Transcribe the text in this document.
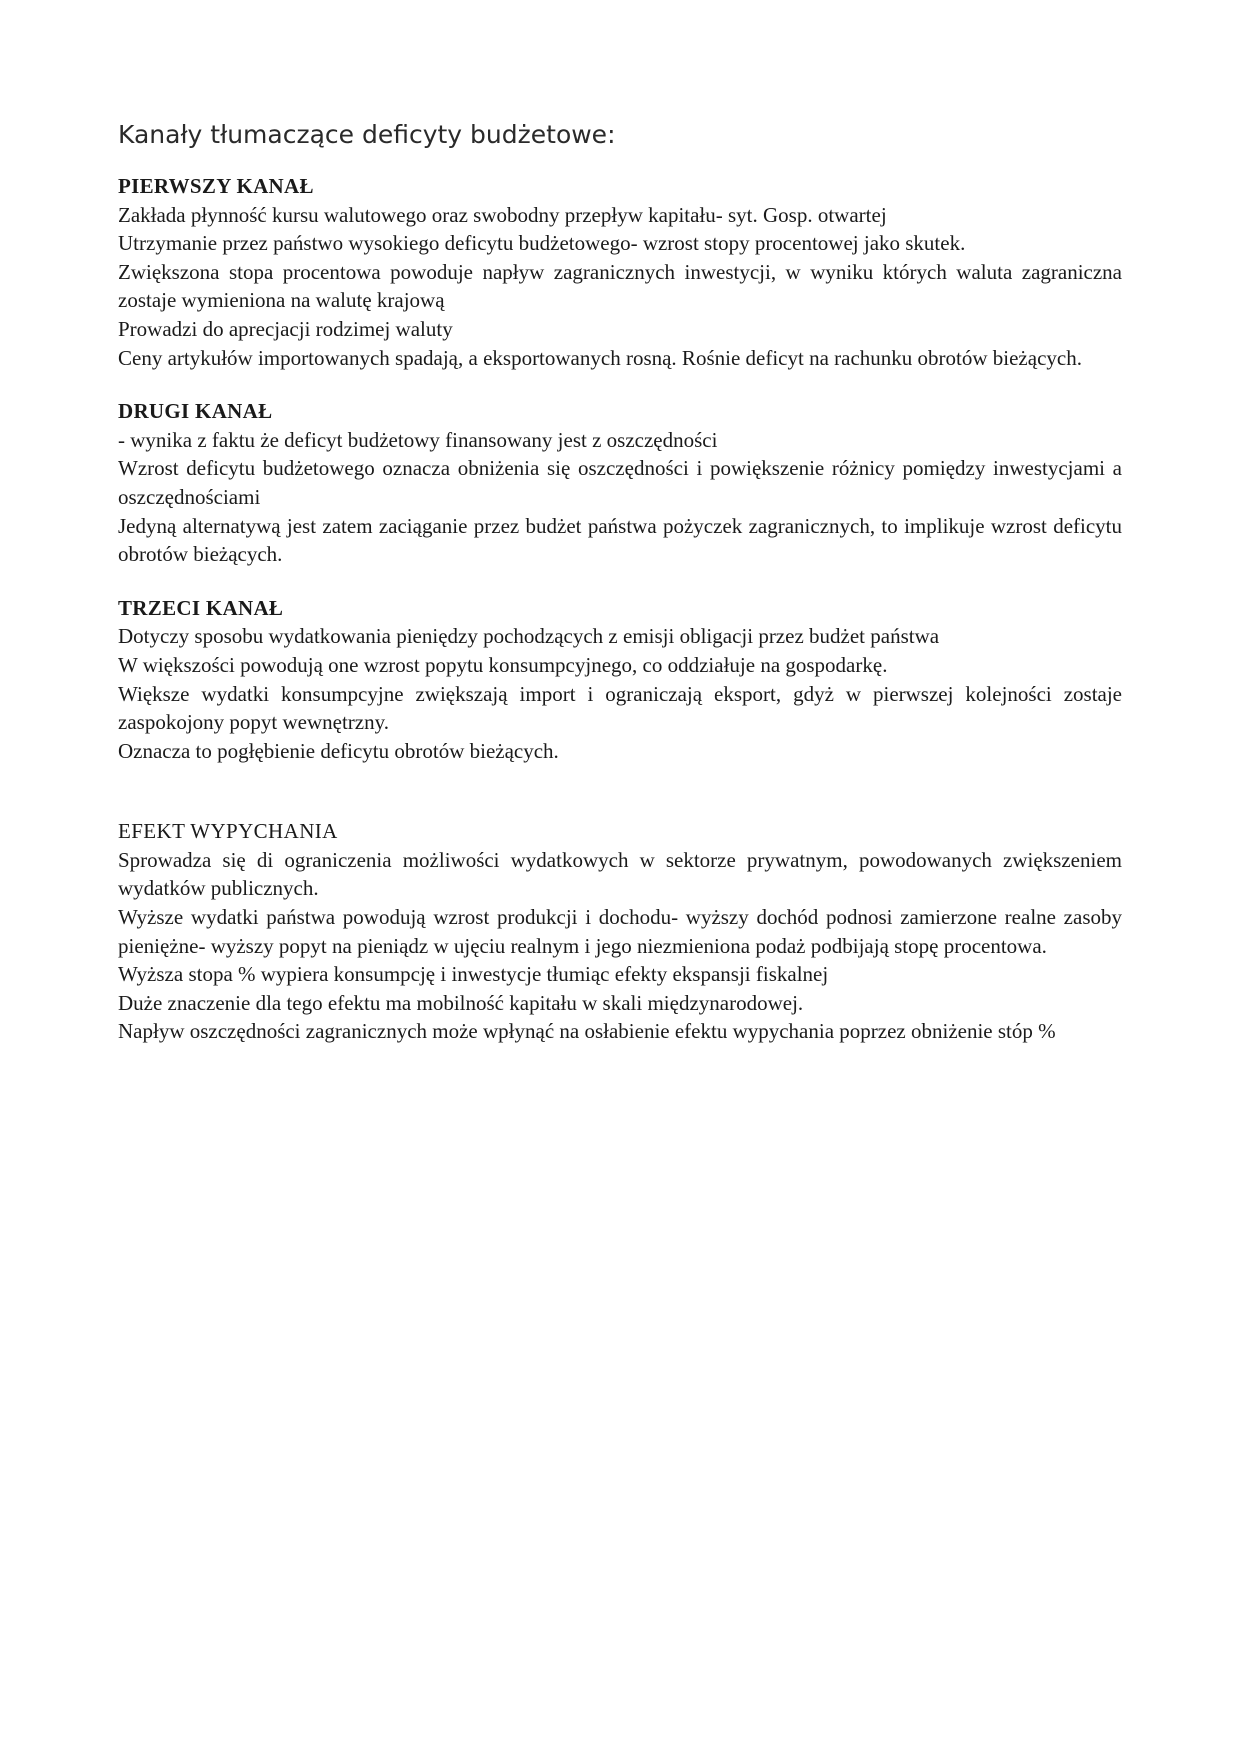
Kanały tłumaczące deficyty budżetowe:
PIERWSZY KANAŁ

Zakłada płynność kursu walutowego oraz swobodny przepływ kapitału- syt. Gosp. otwartej

Utrzymanie przez państwo wysokiego deficytu budżetowego- wzrost stopy procentowej jako skutek.

Zwiększona stopa procentowa powoduje napływ zagranicznych inwestycji, w wyniku których waluta zagraniczna zostaje wymieniona na walutę krajową

Prowadzi do aprecjacji rodzimej waluty

Ceny artykułów importowanych spadają, a eksportowanych rosną. Rośnie deficyt na rachunku obrotów bieżących.

DRUGI KANAŁ

- wynika z faktu że deficyt budżetowy finansowany jest z oszczędności

Wzrost deficytu budżetowego oznacza obniżenia się oszczędności i powiększenie różnicy pomiędzy inwestycjami a oszczędnościami

Jedyną alternatywą jest zatem zaciąganie przez budżet państwa pożyczek zagranicznych, to implikuje wzrost deficytu obrotów bieżących.

TRZECI KANAŁ

Dotyczy sposobu wydatkowania pieniędzy pochodzących z emisji obligacji przez budżet państwa

W większości powodują one wzrost popytu konsumpcyjnego, co oddziałuje na gospodarkę.

Większe wydatki konsumpcyjne zwiększają import i ograniczają eksport, gdyż w pierwszej kolejności zostaje zaspokojony popyt wewnętrzny.

Oznacza to pogłębienie deficytu obrotów bieżących.

EFEKT WYPYCHANIA

Sprowadza się di ograniczenia możliwości wydatkowych w sektorze prywatnym, powodowanych zwiększeniem wydatków publicznych.

Wyższe wydatki państwa powodują wzrost produkcji i dochodu- wyższy dochód podnosi zamierzone realne zasoby pieniężne- wyższy popyt na pieniądz w ujęciu realnym i jego niezmieniona podaż podbijają stopę procentowa.

Wyższa stopa % wypiera konsumpcję i inwestycje tłumiąc efekty ekspansji fiskalnej

Duże znaczenie dla tego efektu ma mobilność kapitału w skali międzynarodowej.

Napływ oszczędności zagranicznych może wpłynąć na osłabienie efektu wypychania poprzez obniżenie stóp %
